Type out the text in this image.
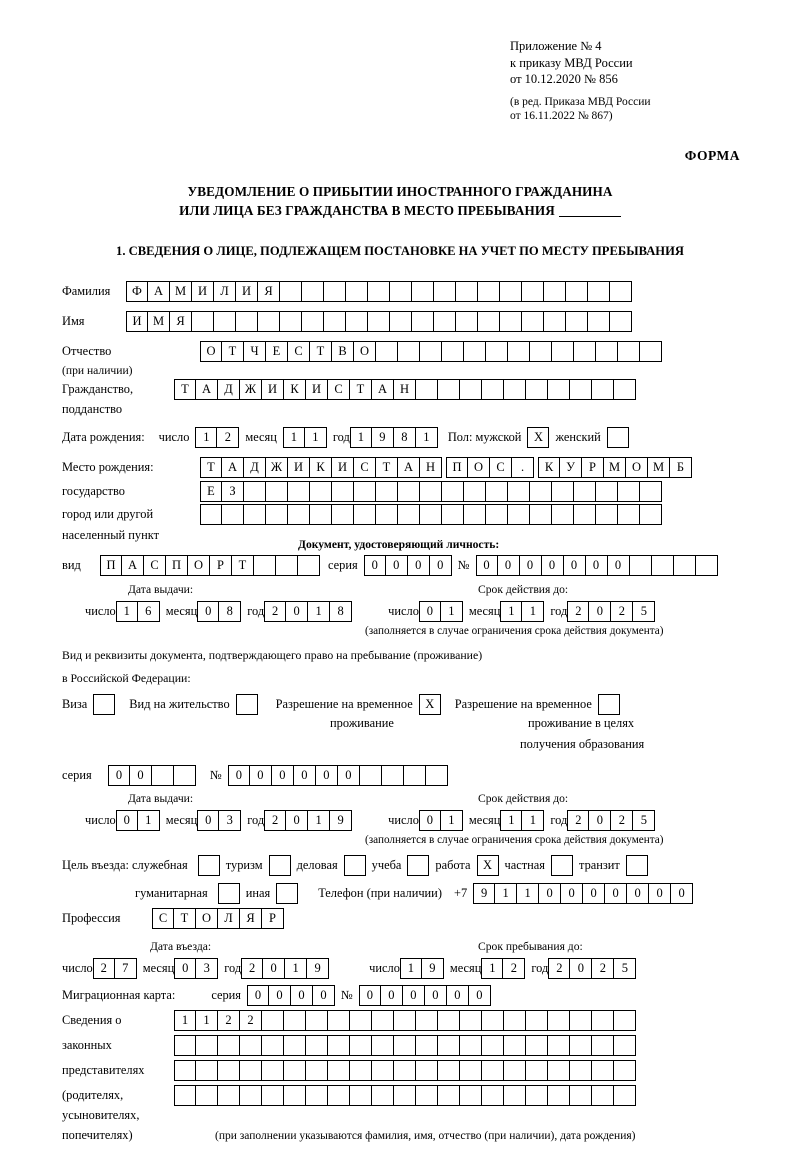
Приложение № 4
к приказу МВД России
от 10.12.2020 № 856
(в ред. Приказа МВД России
от 16.11.2022 № 867)
ФОРМА
УВЕДОМЛЕНИЕ О ПРИБЫТИИ ИНОСТРАННОГО ГРАЖДАНИНА
ИЛИ ЛИЦА БЕЗ ГРАЖДАНСТВА В МЕСТО ПРЕБЫВАНИЯ
1. СВЕДЕНИЯ О ЛИЦЕ, ПОДЛЕЖАЩЕМ ПОСТАНОВКЕ НА УЧЕТ ПО МЕСТУ ПРЕБЫВАНИЯ
Фамилия	Ф А М И	Л	И	Я
Имя	И М Я
Отчество	О	Т	Ч	Е	С	Т	В	О
(при наличии)
Гражданство,	Т	А	Д Ж И	К	И	С	Т	А	Н
подданство
Дата рождения: число	1	2	месяц	1	1	год 1	9	8	1	Пол: мужской Х	женский
Место рождения:	Т	А	Д Ж И	К	И	С	Т	А	Н	П О	С	.	К	У	Р	М О М	Б
государство	Е	З
город или другой
населенный пункт
Документ, удостоверяющий личность:
вид	П А	С	П	О	Р	Т	серия	0	0	0	0	№	0	0	0	0	0	0	0
Дата выдачи:	Срок действия до:
число 1	6	месяц 0	8	год 2	0	1	8	число 0	1	месяц 1	1	год 2	0	2	5
(заполняется в случае ограничения срока действия документа)
Вид и реквизиты документа, подтверждающего право на пребывание (проживание)
в Российской Федерации:
Виза	Вид на жительство	Разрешение на временное Х	Разрешение на временное
проживание	проживание в целях
получения образования
серия	0	0	№	0	0	0	0	0	0
Дата выдачи:	Срок действия до:
число 0	1	месяц 0	3	год 2	0	1	9	число 0	1	месяц 1	1	год 2	0	2	5
(заполняется в случае ограничения срока действия документа)
Цель въезда: служебная	туризм	деловая	учеба	работа Х	частная	транзит
гуманитарная	иная	Телефон (при наличии) +7	9	1	1	0	0	0	0	0	0	0
Профессия	С	Т	О	Л	Я	Р
Дата въезда:	Срок пребывания до:
число 2	7	месяц 0	3	год 2	0	1	9	число 1	9	месяц 1	2	год 2	0	2	5
Миграционная карта:	серия	0	0	0	0	№	0	0	0	0	0	0
Сведения о	1	1	2	2
законных
представителях
(родителях,
усыновителях,
попечителях)	(при заполнении указываются фамилия, имя, отчество (при наличии), дата рождения)
